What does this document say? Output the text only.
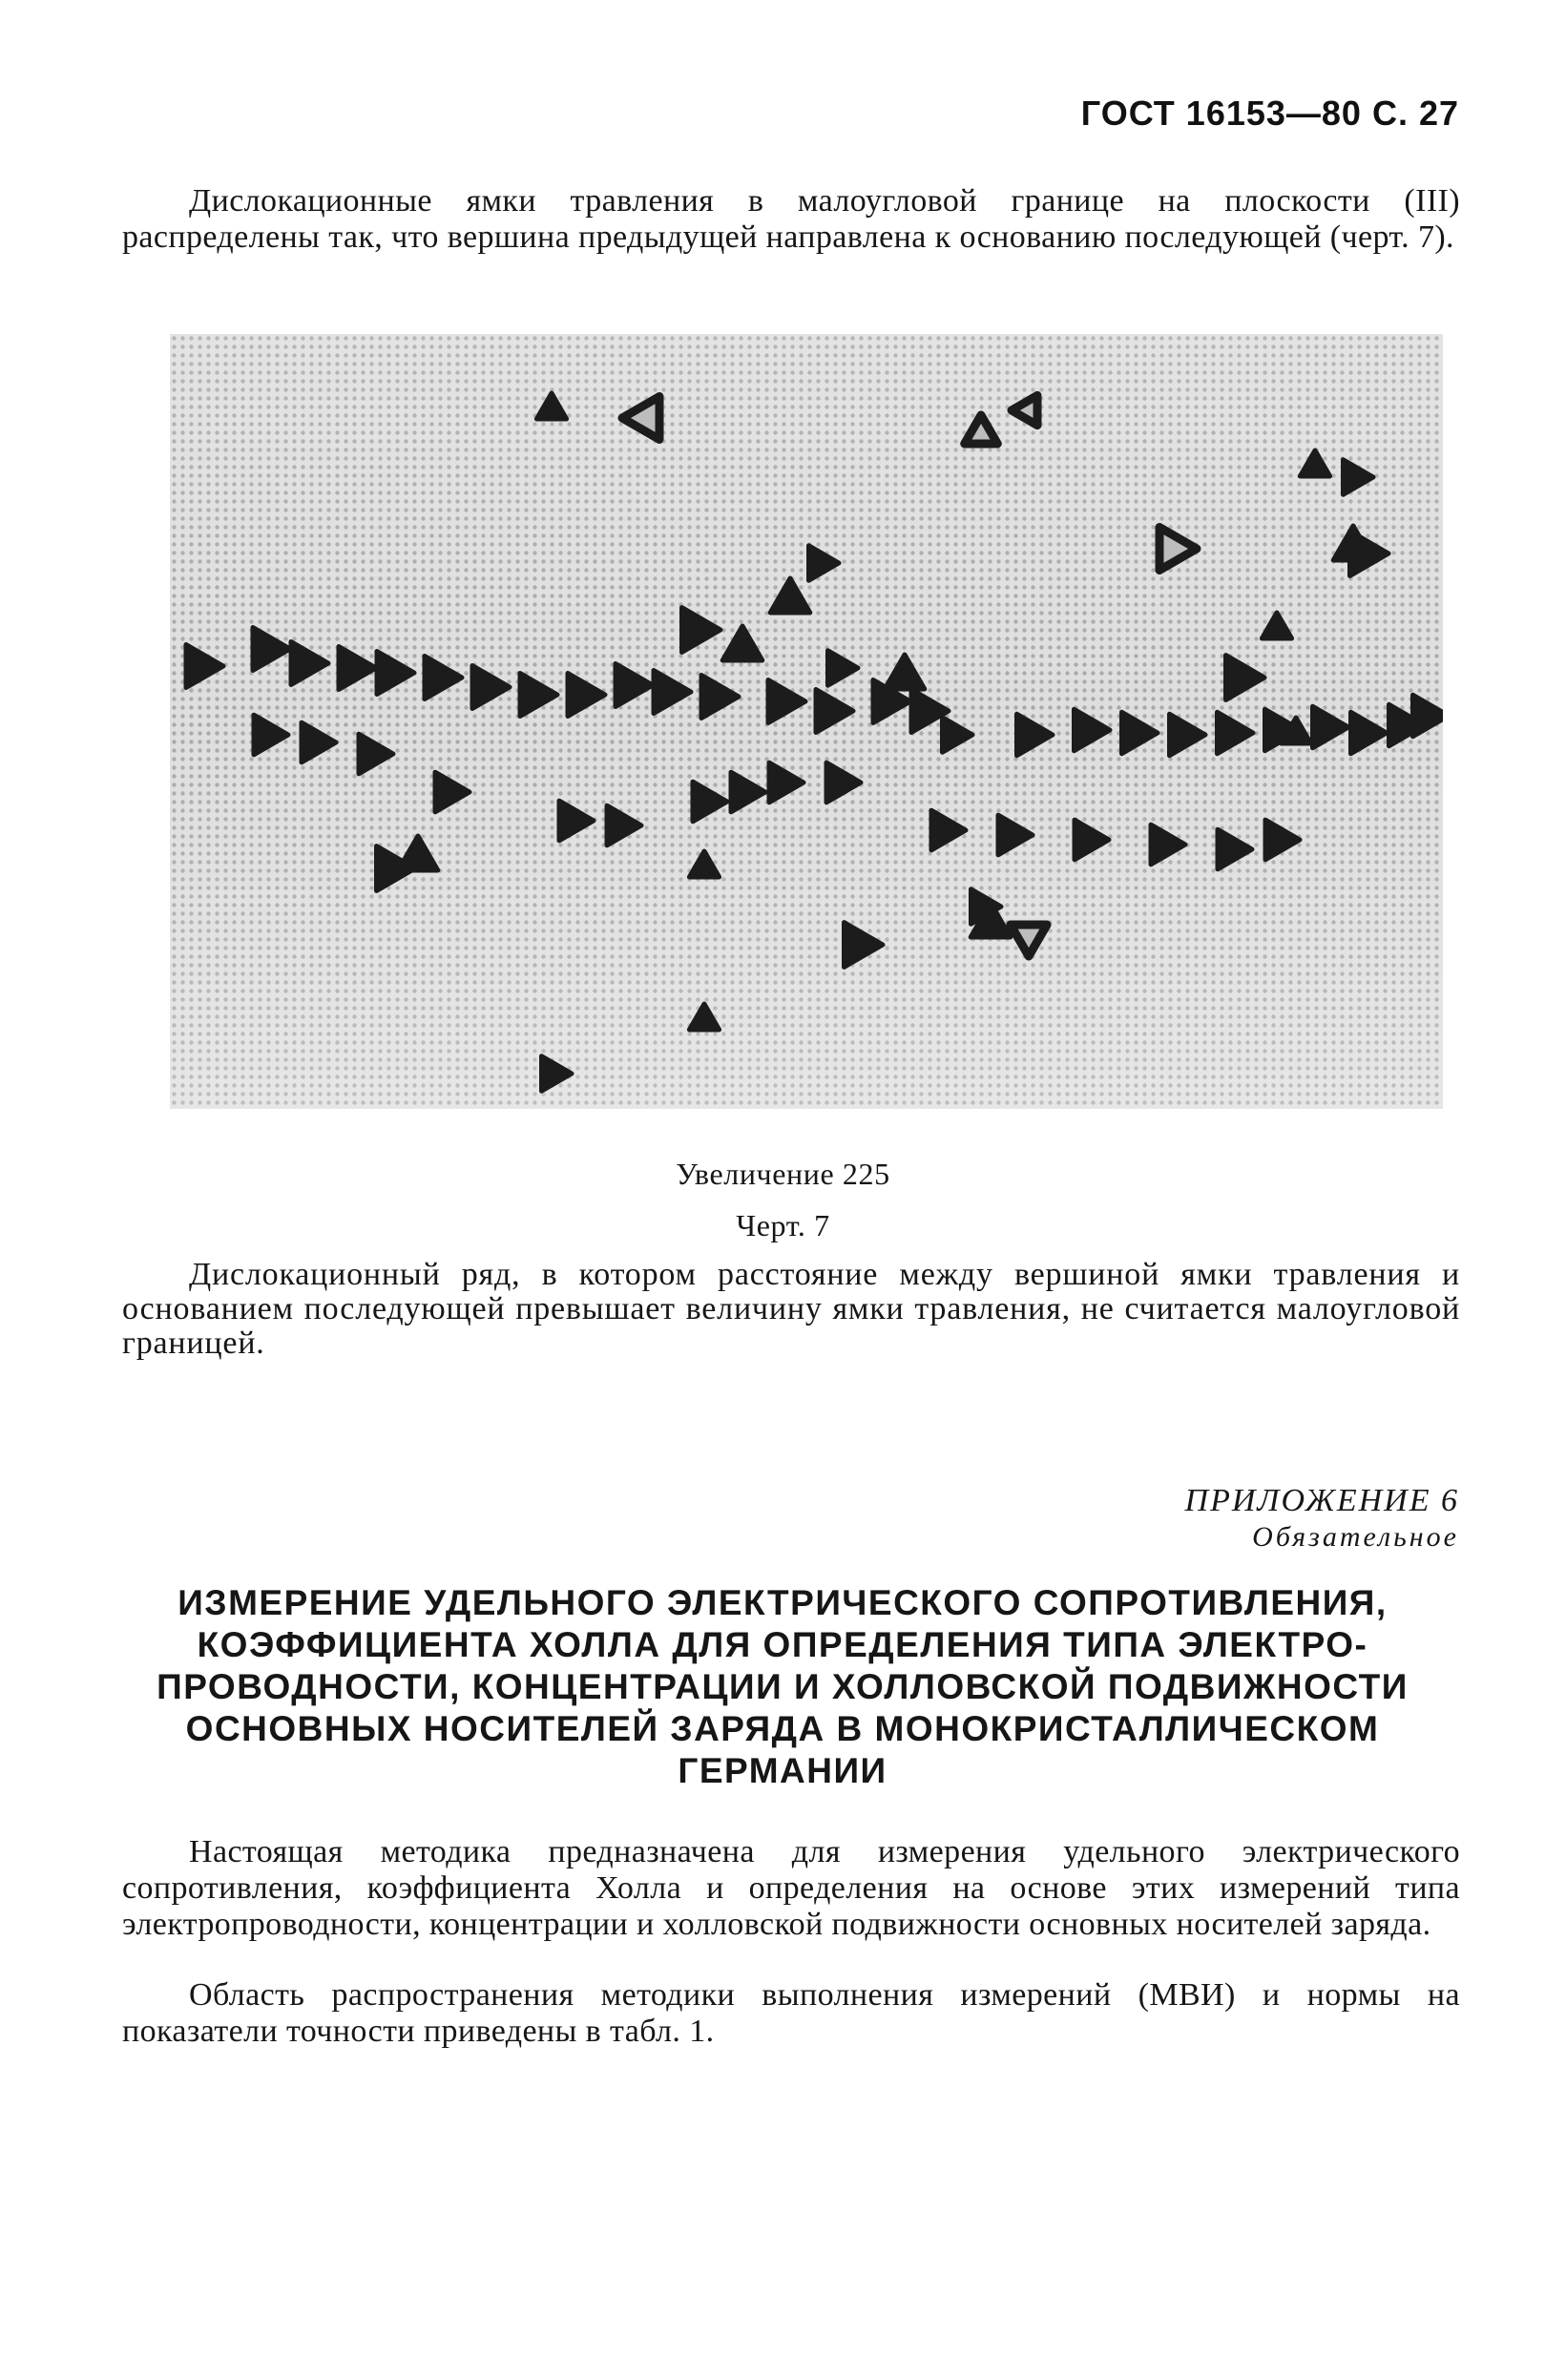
ГОСТ 16153—80 С. 27

Дислокационные ямки травления в малоугловой границе на плоскости (III) распределены так, что вершина предыдущей направлена к основанию последующей (черт. 7).

Увеличение 225
Черт. 7

Дислокационный ряд, в котором расстояние между вершиной ямки травления и основанием последующей превышает величину ямки травления, не считается малоугловой границей.

ПРИЛОЖЕНИЕ 6
Обязательное
ИЗМЕРЕНИЕ УДЕЛЬНОГО ЭЛЕКТРИЧЕСКОГО СОПРОТИВЛЕНИЯ,
КОЭФФИЦИЕНТА ХОЛЛА ДЛЯ ОПРЕДЕЛЕНИЯ ТИПА ЭЛЕКТРО-
ПРОВОДНОСТИ, КОНЦЕНТРАЦИИ И ХОЛЛОВСКОЙ ПОДВИЖНОСТИ
ОСНОВНЫХ НОСИТЕЛЕЙ ЗАРЯДА В МОНОКРИСТАЛЛИЧЕСКОМ
ГЕРМАНИИ

Настоящая методика предназначена для измерения удельного электрического сопротивления, коэффициента Холла и определения на основе этих измерений типа электропроводности, концентрации и холловской подвижности основных носителей заряда.

Область распространения методики выполнения измерений (МВИ) и нормы на показатели точности приведены в табл. 1.
